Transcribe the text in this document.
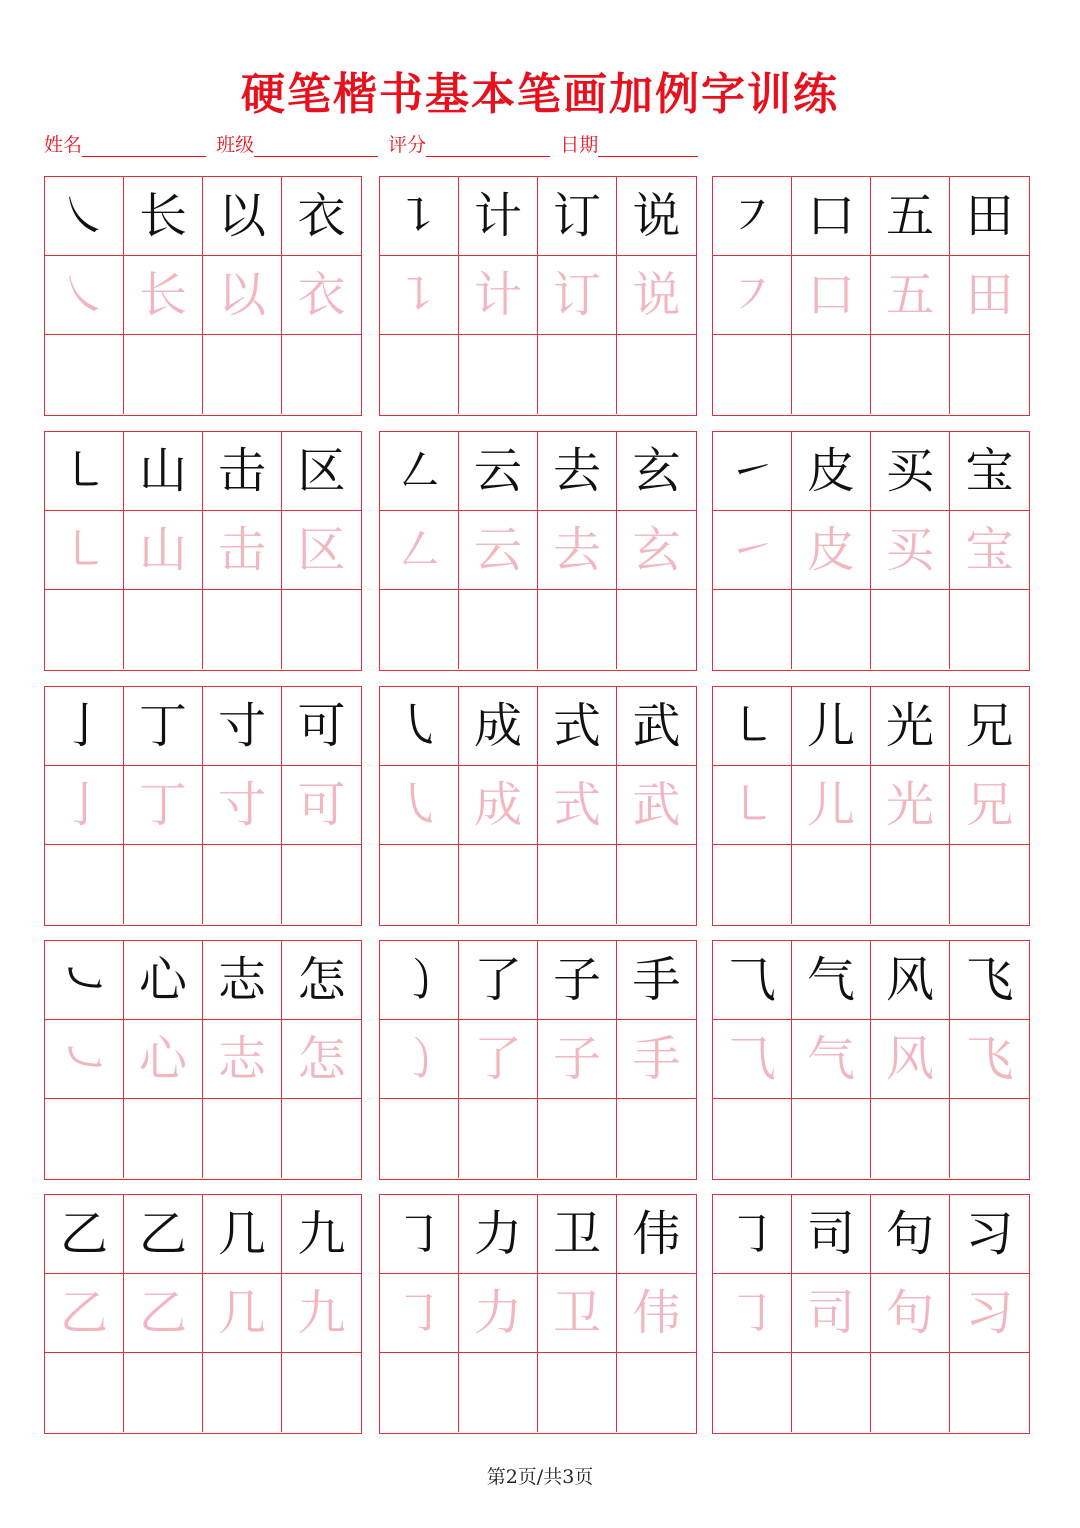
硬笔楷书基本笔画加例字训练
姓名	班级	评分	日期
㇏ 长 以 衣
㇏ 长 以 衣
㇊ 计 订 说
㇊ 计 订 说
㇇ 口 五 田
㇇ 口 五 田
㇄ 山 击 区
㇄ 山 击 区
㇜ 云 去 玄
㇜ 云 去 玄
㇀ 皮 买 宝
㇀ 皮 买 宝
亅 丁 寸 可
亅 丁 寸 可
㇂ 成 式 武
㇂ 成 式 武
㇄ 儿 光 兄
㇄ 儿 光 兄
㇃ 心 志 怎
㇃ 心 志 怎
㇁ 了 子 手
㇁ 了 子 手
⺄ 气 风 飞
⺄ 气 风 飞
乙 乙 几 九
乙 乙 几 九
㇆ 力 卫 伟
㇆ 力 卫 伟
㇆ 司 句 习
㇆ 司 句 习
第2页/共3页
